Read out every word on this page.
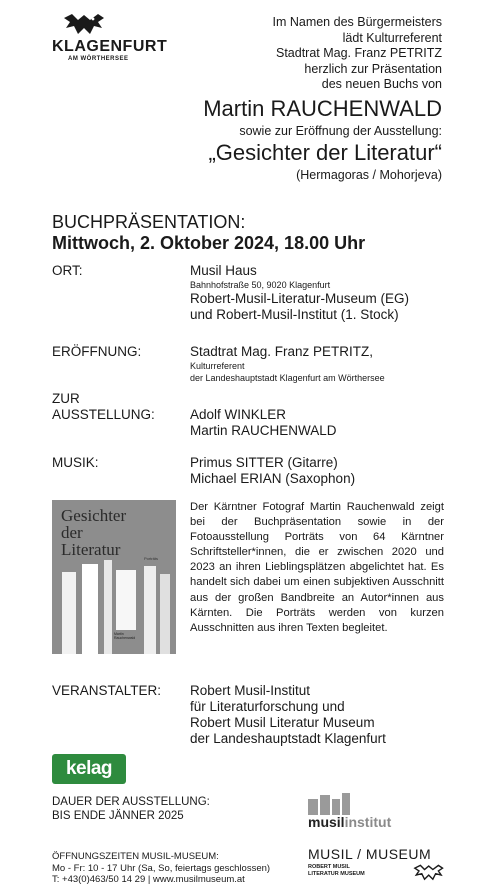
KLAGENFURT
AM WÖRTHERSEE
Im Namen des Bürgermeisters
lädt Kulturreferent
Stadtrat Mag. Franz PETRITZ
herzlich zur Präsentation
des neuen Buchs von
Martin RAUCHENWALD
sowie zur Eröffnung der Ausstellung:
„Gesichter der Literatur“
(Hermagoras / Mohorjeva)
BUCHPRÄSENTATION:
Mittwoch, 2. Oktober 2024, 18.00 Uhr
ORT:	Musil Haus
Bahnhofstraße 50, 9020 Klagenfurt
Robert-Musil-Literatur-Museum (EG)
und Robert-Musil-Institut (1. Stock)
ERÖFFNUNG:	Stadtrat Mag. Franz PETRITZ,
Kulturreferent
der Landeshauptstadt Klagenfurt am Wörthersee
ZUR
AUSSTELLUNG:	Adolf WINKLER
Martin RAUCHENWALD
MUSIK:	Primus SITTER (Gitarre)
Michael ERIAN (Saxophon)
Gesichter
der
Literatur	Porträts
Martin Rauchenwald
Der Kärntner Fotograf Martin Rauchenwald zeigt bei der Buchpräsentation sowie in der Fotoausstellung Porträts von 64 Kärntner Schriftsteller*innen, die er zwischen 2020 und 2023 an ihren Lieblingsplätzen abgelichtet hat. Es handelt sich dabei um einen subjektiven Ausschnitt aus der großen Bandbreite an Autor*innen aus Kärnten. Die Porträts werden von kurzen Ausschnitten aus ihren Texten begleitet.
VERANSTALTER: Robert Musil-Institut
für Literaturforschung und
Robert Musil Literatur Museum
der Landeshauptstadt Klagenfurt
kelag
DAUER DER AUSSTELLUNG:
BIS ENDE JÄNNER 2025
ÖFFNUNGSZEITEN MUSIL-MUSEUM:
Mo - Fr: 10 - 17 Uhr (Sa, So, feiertags geschlossen)
T: +43(0)463/50 14 29 | www.musilmuseum.at
musilinstitut
MUSIL / MUSEUM
ROBERT MUSIL
LITERATUR MUSEUM
